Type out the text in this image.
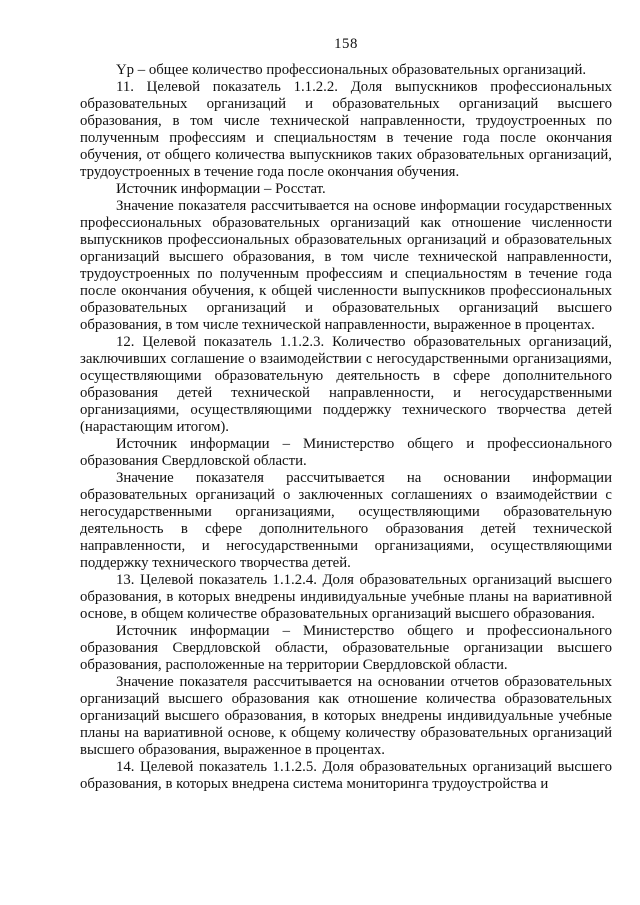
158

Yр – общее количество профессиональных образовательных организаций.

11. Целевой показатель 1.1.2.2. Доля выпускников профессиональных образовательных организаций и образовательных организаций высшего образования, в том числе технической направленности, трудоустроенных по полученным профессиям и специальностям в течение года после окончания обучения, от общего количества выпускников таких образовательных организаций, трудоустроенных в течение года после окончания обучения.

Источник информации – Росстат.

Значение показателя рассчитывается на основе информации государственных профессиональных образовательных организаций как отношение численности выпускников профессиональных образовательных организаций и образовательных организаций высшего образования, в том числе технической направленности, трудоустроенных по полученным профессиям и специальностям в течение года после окончания обучения, к общей численности выпускников профессиональных образовательных организаций и образовательных организаций высшего образования, в том числе технической направленности, выраженное в процентах.

12. Целевой показатель 1.1.2.3. Количество образовательных организаций, заключивших соглашение о взаимодействии с негосударственными организациями, осуществляющими образовательную деятельность в сфере дополнительного образования детей технической направленности, и негосударственными организациями, осуществляющими поддержку технического творчества детей (нарастающим итогом).

Источник информации – Министерство общего и профессионального образования Свердловской области.

Значение показателя рассчитывается на основании информации образовательных организаций о заключенных соглашениях о взаимодействии с негосударственными организациями, осуществляющими образовательную деятельность в сфере дополнительного образования детей технической направленности, и негосударственными организациями, осуществляющими поддержку технического творчества детей.

13. Целевой показатель 1.1.2.4. Доля образовательных организаций высшего образования, в которых внедрены индивидуальные учебные планы на вариативной основе, в общем количестве образовательных организаций высшего образования.

Источник информации – Министерство общего и профессионального образования Свердловской области, образовательные организации высшего образования, расположенные на территории Свердловской области.

Значение показателя рассчитывается на основании отчетов образовательных организаций высшего образования как отношение количества образовательных организаций высшего образования, в которых внедрены индивидуальные учебные планы на вариативной основе, к общему количеству образовательных организаций высшего образования, выраженное в процентах.

14. Целевой показатель 1.1.2.5. Доля образовательных организаций высшего образования, в которых внедрена система мониторинга трудоустройства и
